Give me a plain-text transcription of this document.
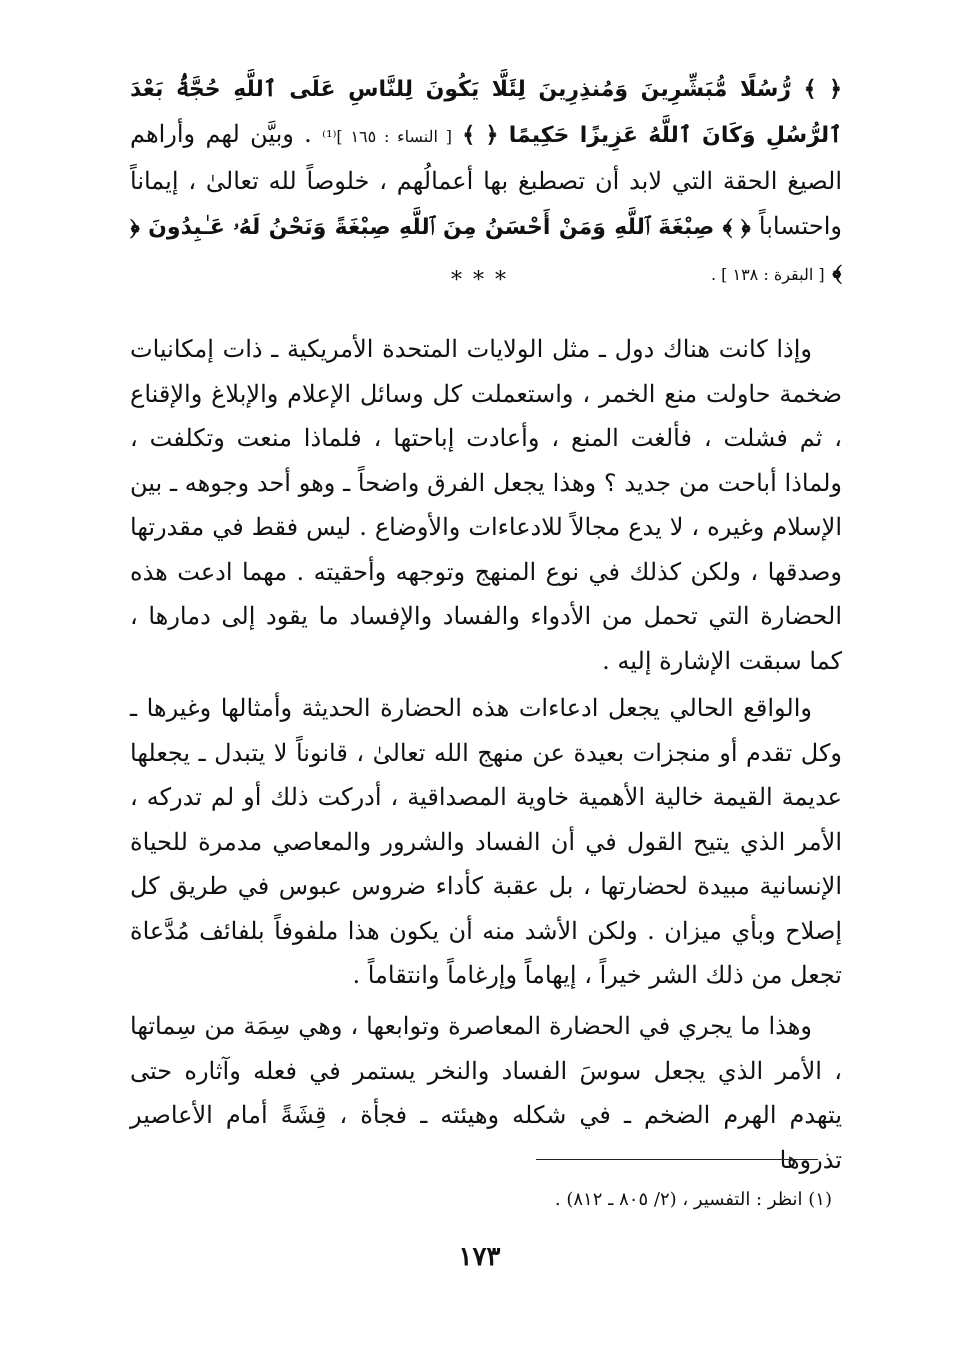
﴿ ﴾ رُّسُلًا مُّبَشِّرِينَ وَمُنذِرِينَ لِئَلَّا يَكُونَ لِلنَّاسِ عَلَى ٱللَّهِ حُجَّةُۢ بَعْدَ ٱلرُّسُلِ وَكَانَ ٱللَّهُ عَزِيزًا حَكِيمًا ﴿ ﴾ [ النساء : ١٦٥ ]⁽¹⁾ . وبيَّن لهم وأراهم الصيغ الحقة التي لابد أن تصطبغ بها أعمالُهم ، خلوصاً لله تعالىٰ ، إيماناً واحتساباً ﴿ ﴾ صِبْغَةَ ٱللَّهِ وَمَنْ أَحْسَنُ مِنَ ٱللَّهِ صِبْغَةً وَنَحْنُ لَهُۥ عَـٰبِدُونَ ﴿ ﴾ [ البقرة : ١٣٨ ] .

* * *

وإذا كانت هناك دول ـ مثل الولايات المتحدة الأمريكية ـ ذات إمكانيات ضخمة حاولت منع الخمر ، واستعملت كل وسائل الإعلام والإبلاغ والإقناع ، ثم فشلت ، فألغت المنع ، وأعادت إباحتها ، فلماذا منعت وتكلفت ، ولماذا أباحت من جديد ؟ وهذا يجعل الفرق واضحاً ـ وهو أحد وجوهه ـ بين الإسلام وغيره ، لا يدع مجالاً للادعاءات والأوضاع . ليس فقط في مقدرتها وصدقها ، ولكن كذلك في نوع المنهج وتوجهه وأحقيته . مهما ادعت هذه الحضارة التي تحمل من الأدواء والفساد والإفساد ما يقود إلى دمارها ، كما سبقت الإشارة إليه .

والواقع الحالي يجعل ادعاءات هذه الحضارة الحديثة وأمثالها وغيرها ـ وكل تقدم أو منجزات بعيدة عن منهج الله تعالىٰ ، قانوناً لا يتبدل ـ يجعلها عديمة القيمة خالية الأهمية خاوية المصداقية ، أدركت ذلك أو لم تدركه ، الأمر الذي يتيح القول في أن الفساد والشرور والمعاصي مدمرة للحياة الإنسانية مبيدة لحضارتها ، بل عقبة كأداء ضروس عبوس في طريق كل إصلاح وبأي ميزان . ولكن الأشد منه أن يكون هذا ملفوفاً بلفائف مُدَّعاة تجعل من ذلك الشر خيراً ، إيهاماً وإرغاماً وانتقاماً .

وهذا ما يجري في الحضارة المعاصرة وتوابعها ، وهي سِمَة من سِماتها ، الأمر الذي يجعل سوسَ الفساد والنخر يستمر في فعله وآثاره حتى يتهدم الهرم الضخم ـ في شكله وهيئته ـ فجأة ، قِشَةً أمام الأعاصير تذروها

(١) انظر : التفسير ، (٢/ ٨٠٥ ـ ٨١٢) .
١٧٣
